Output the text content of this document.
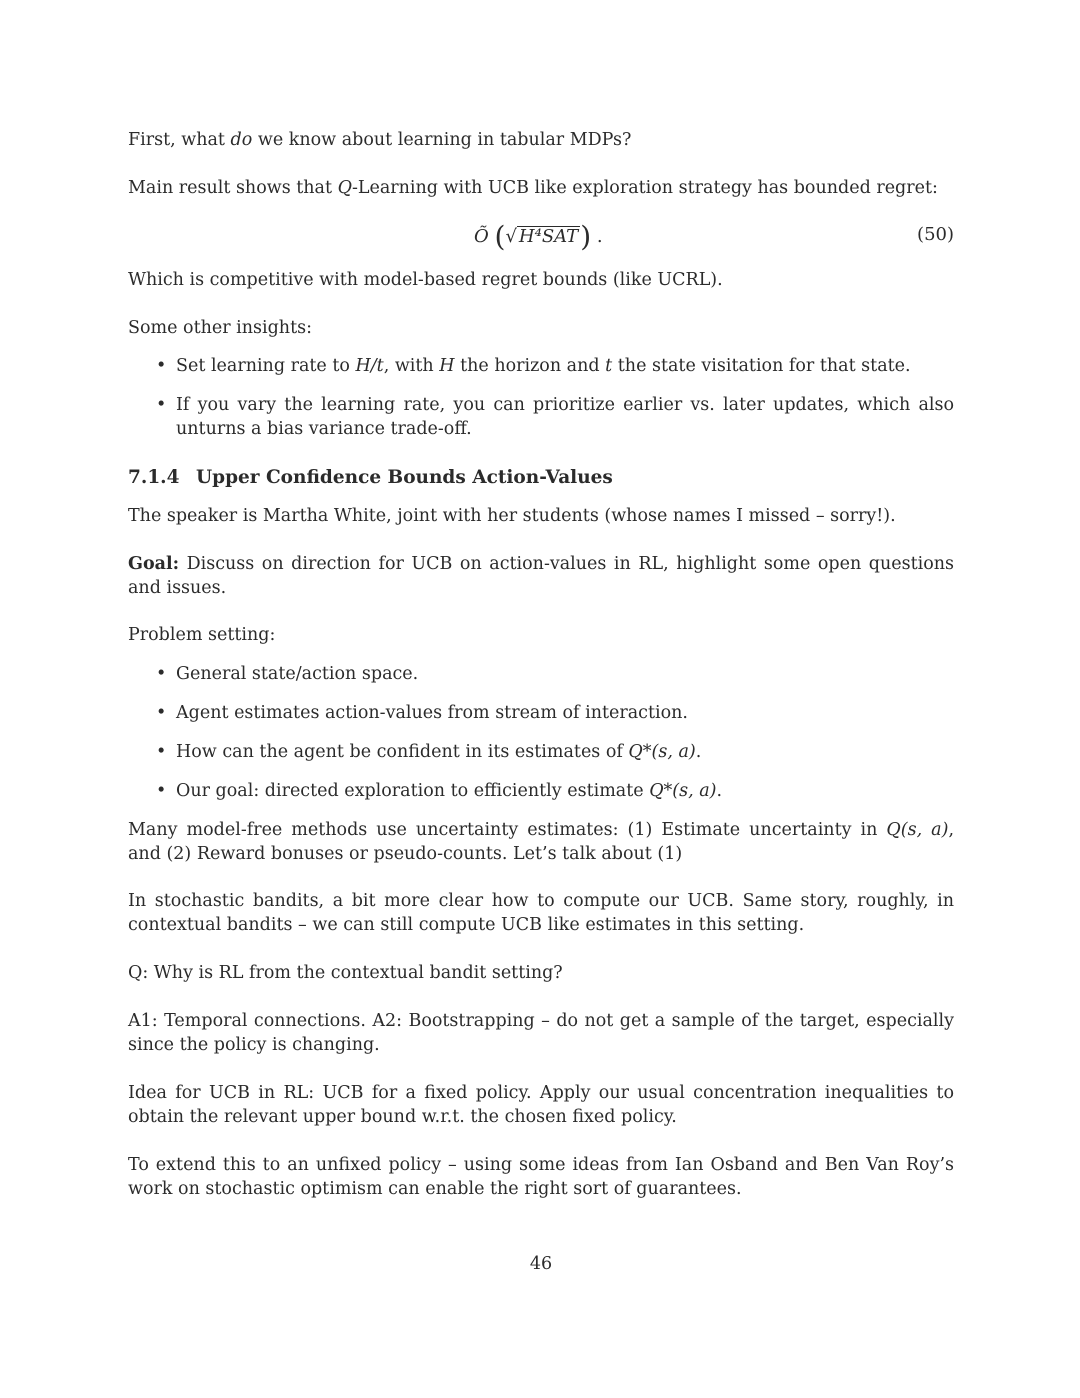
First, what do we know about learning in tabular MDPs?

Main result shows that Q-Learning with UCB like exploration strategy has bounded regret:

Õ (√ H⁴SAT) .	(50)

Which is competitive with model-based regret bounds (like UCRL).

Some other insights:

• Set learning rate to H/t, with H the horizon and t the state visitation for that state.
• If you vary the learning rate, you can prioritize earlier vs. later updates, which also unturns a bias variance trade-off.
7.1.4 Upper Confidence Bounds Action-Values

The speaker is Martha White, joint with her students (whose names I missed – sorry!).

Goal: Discuss on direction for UCB on action-values in RL, highlight some open questions and issues.

Problem setting:

• General state/action space.
• Agent estimates action-values from stream of interaction.
• How can the agent be confident in its estimates of Q*(s, a).
• Our goal: directed exploration to efficiently estimate Q*(s, a).

Many model-free methods use uncertainty estimates: (1) Estimate uncertainty in Q(s, a), and (2) Reward bonuses or pseudo-counts. Let’s talk about (1)

In stochastic bandits, a bit more clear how to compute our UCB. Same story, roughly, in contextual bandits – we can still compute UCB like estimates in this setting.

Q: Why is RL from the contextual bandit setting?

A1: Temporal connections. A2: Bootstrapping – do not get a sample of the target, especially since the policy is changing.

Idea for UCB in RL: UCB for a fixed policy. Apply our usual concentration inequalities to obtain the relevant upper bound w.r.t. the chosen fixed policy.

To extend this to an unfixed policy – using some ideas from Ian Osband and Ben Van Roy’s work on stochastic optimism can enable the right sort of guarantees.

46
